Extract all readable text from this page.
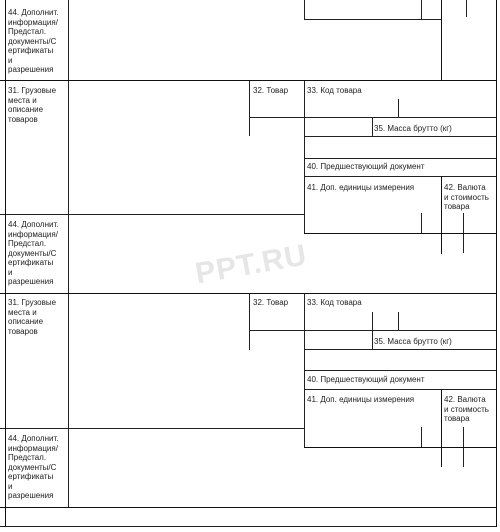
PPT.RU
44. Дополнит.
информация/
Предстал.
документы/С
ертификаты
и
разрешения
31. Грузовые
места и
описание
товаров
32. Товар 33. Код товара
35. Масса брутто (кг)
40. Предшествующий документ
41. Доп. единицы измерения	42. Валюта
и стоимость
товара
44. Дополнит.
информация/
Предстал.
документы/С
ертификаты
и
разрешения
31. Грузовые
места и
описание
товаров
32. Товар 33. Код товара
35. Масса брутто (кг)
40. Предшествующий документ
41. Доп. единицы измерения	42. Валюта
и стоимость
товара
44. Дополнит.
информация/
Предстал.
документы/С
ертификаты
и
разрешения
